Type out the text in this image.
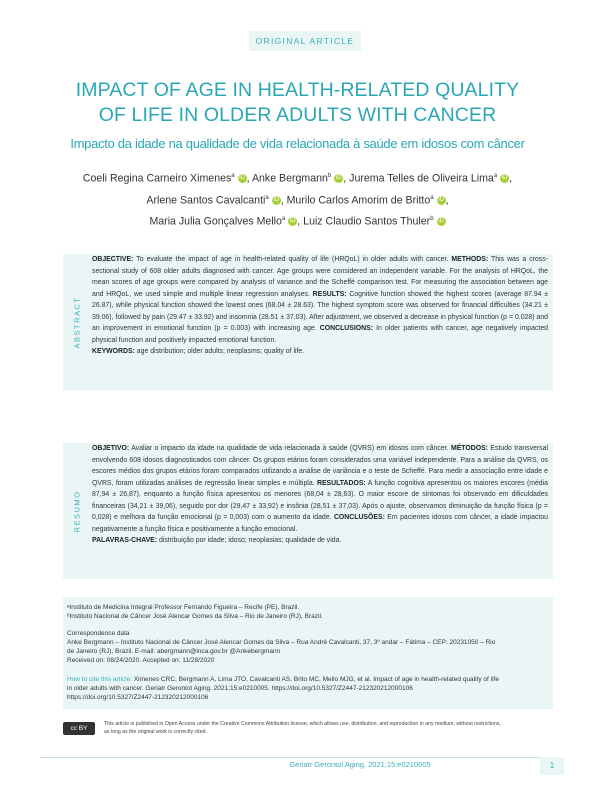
ORIGINAL ARTICLE
IMPACT OF AGE IN HEALTH-RELATED QUALITY
OF LIFE IN OLDER ADULTS WITH CANCER
Impacto da idade na qualidade de vida relacionada à saúde em idosos com câncer
Coeli Regina Carneiro Ximenes$^a$ iD , Anke Bergmann$^b$ iD , Jurema Telles de Oliveira Lima$^a$ iD ,
Arlene Santos Cavalcanti$^a$ iD , Murilo Carlos Amorim de Britto$^a$ iD ,
Maria Julia Gonçalves Mello$^a$ iD , Luiz Claudio Santos Thuler$^b$ iD
ABSTRACT
OBJECTIVE: To evaluate the impact of age in health-related quality of life (HRQoL) in older adults with cancer. METHODS: This was a cross-sectional study of 608 older adults diagnosed with cancer. Age groups were considered an independent variable. For the analysis of HRQoL, the mean scores of age groups were compared by analysis of variance and the Scheffé comparison test. For measuring the association between age and HRQoL, we used simple and multiple linear regression analyses. RESULTS: Cognitive function showed the highest scores (average 87.94 ± 26.87), while physical function showed the lowest ones (68.04 ± 28.63). The highest symptom score was observed for financial difficulties (34.21 ± 39.06), followed by pain (29.47 ± 33.92) and insomnia (28.51 ± 37.03). After adjustment, we observed a decrease in physical function (p = 0.028) and an improvement in emotional function (p = 0.003) with increasing age. CONCLUSIONS: In older patients with cancer, age negatively impacted physical function and positively impacted emotional function.
KEYWORDS: age distribution; older adults; neoplasms; quality of life.
RESUMO
OBJETIVO: Avaliar o impacto da idade na qualidade de vida relacionada à saúde (QVRS) em idosos com câncer. MÉTODOS: Estudo transversal envolvendo 608 idosos diagnosticados com câncer. Os grupos etários foram considerados uma variável independente. Para a análise da QVRS, os escores médios dos grupos etários foram comparados utilizando a análise de variância e o teste de Scheffé. Para medir a associação entre idade e QVRS, foram utilizadas análises de regressão linear simples e múltipla. RESULTADOS: A função cognitiva apresentou os maiores escores (média 87,94 ± 26,87), enquanto a função física apresentou os menores (68,04 ± 28,63). O maior escore de sintomas foi observado em dificuldades financeiras (34,21 ± 39,06), seguido por dor (29,47 ± 33,92) e insônia (28,51 ± 37,03). Após o ajuste, observamos diminuição da função física (p = 0,028) e melhora da função emocional (p = 0,003) com o aumento da idade. CONCLUSÕES: Em pacientes idosos com câncer, a idade impactou negativamente a função física e positivamente a função emocional.
PALAVRAS-CHAVE: distribuição por idade; idoso; neoplasias; qualidade de vida.
ᵃInstituto de Medicina Integral Professor Fernando Figueira – Recife (PE), Brazil.
ᵇInstituto Nacional de Câncer José Alencar Gomes da Silva – Rio de Janeiro (RJ), Brazil.
Correspondence data
Anke Bergmann – Instituto Nacional de Câncer José Alencar Gomes da Silva – Rua André Cavalcanti, 37, 3º andar – Fátima – CEP: 20231050 – Rio
de Janeiro (RJ), Brazil. E-mail: abergmann@inca.gov.br @Ankebergmann
Received on: 08/24/2020. Accepted on: 11/28/2020
How to cite this article: Ximenes CRC, Bergmann A, Lima JTO, Cavalcanti AS, Brito MC, Mello MJG, et al. Impact of age in health-related quality of life
in older adults with cancer. Geriatr Gerontol Aging. 2021;15:e0210005. https://doi.org/10.5327/Z2447-212320212000106
https://doi.org/10.5327/Z2447-212320212000106
cc BY
This article is published in Open Access under the Creative Commons Attribution license, which allows use, distribution, and reproduction in any medium, without restrictions,
as long as the original work is correctly cited.
Geriatr Gerontol Aging. 2021;15:e0210005	1
